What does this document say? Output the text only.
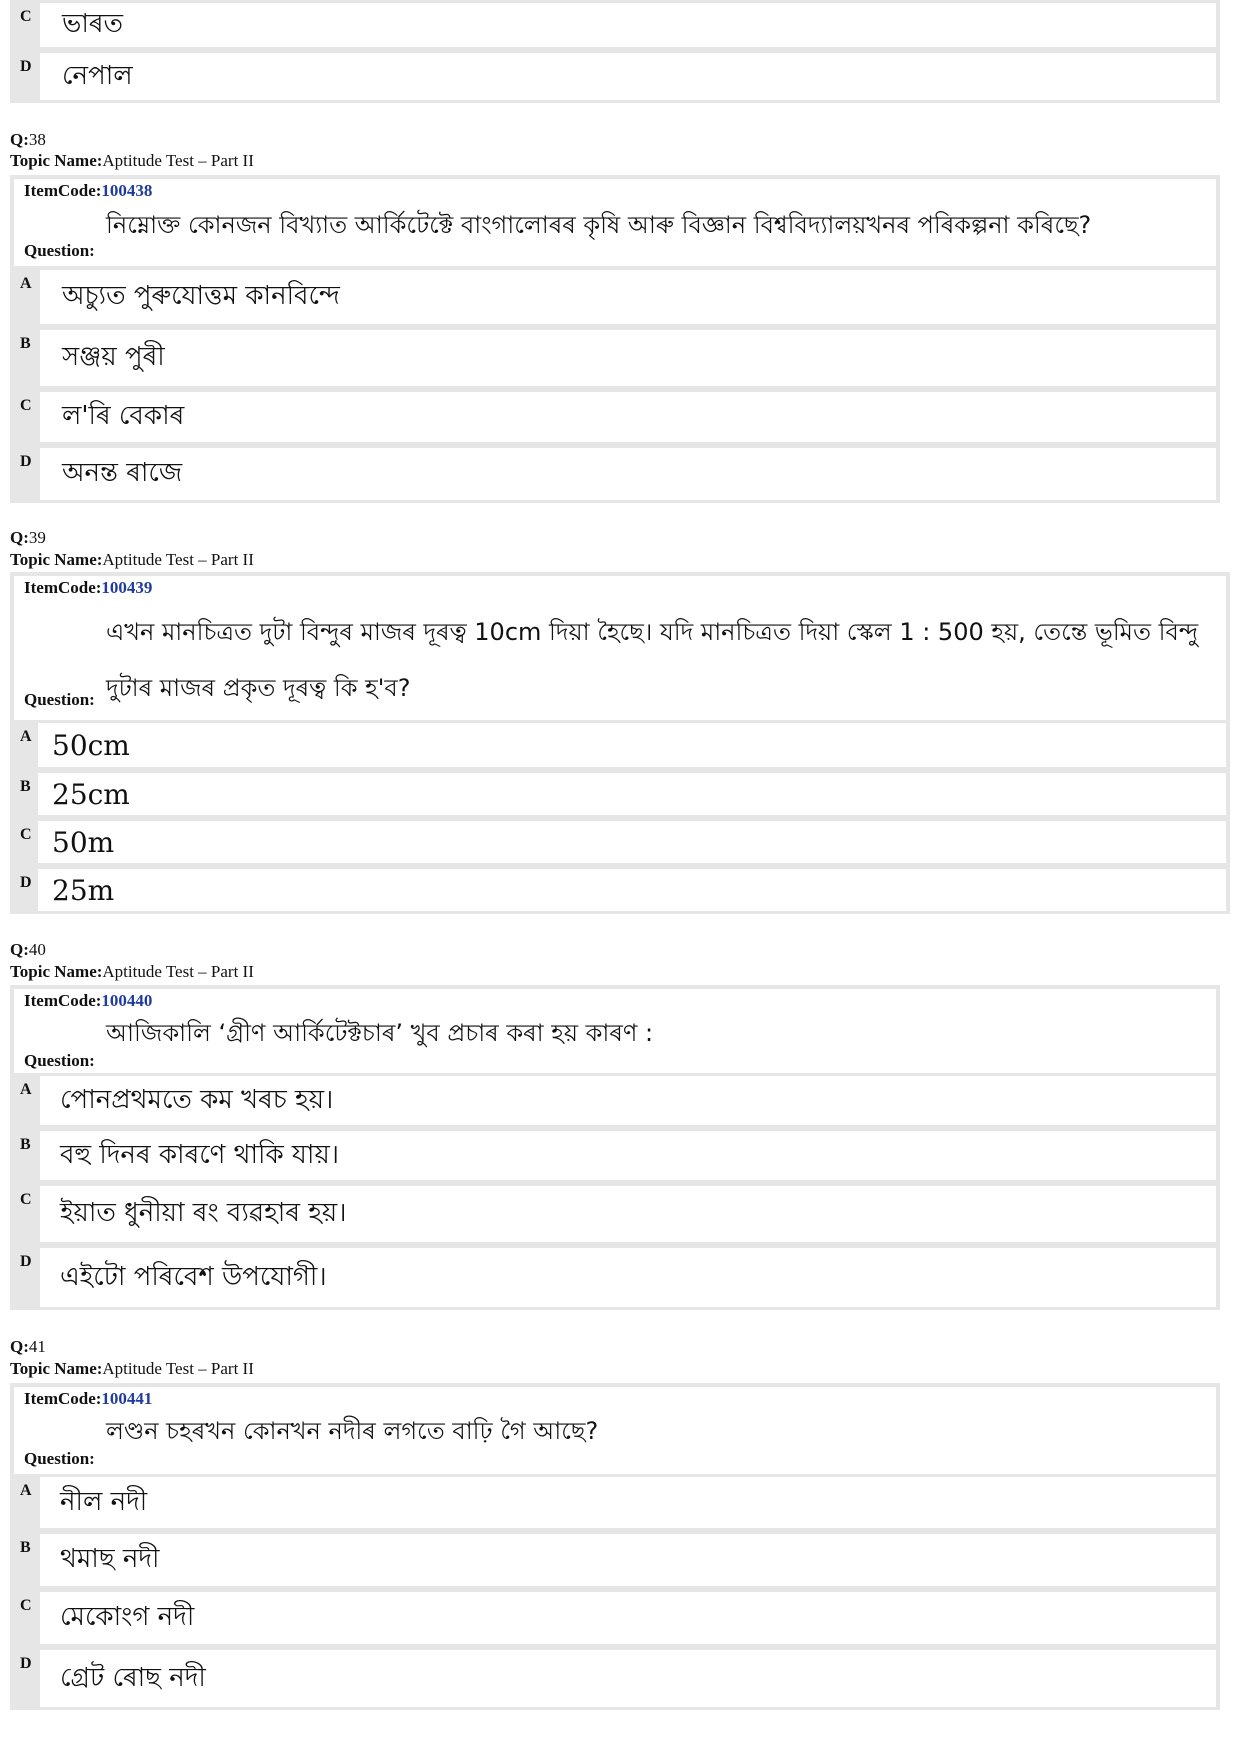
C	ভাৰত
D	নেপাল
Q:38
Topic Name:Aptitude Test – Part II
ItemCode:100438
নিম্নোক্ত কোনজন বিখ্যাত আৰ্কিটেক্টে বাংগালোৰৰ কৃষি আৰু বিজ্ঞান বিশ্ববিদ্যালয়খনৰ পৰিকল্পনা কৰিছে?
Question:
A	অচ্যুত পুৰুযোত্তম কানবিন্দে
B	সঞ্জয় পুৰী
C	ল'ৰি বেকাৰ
D	অনন্ত ৰাজে
Q:39
Topic Name:Aptitude Test – Part II
ItemCode:100439
এখন মানচিত্ৰত দুটা বিন্দুৰ মাজৰ দূৰত্ব 10cm দিয়া হৈছে। যদি মানচিত্ৰত দিয়া স্কেল 1 : 500 হয়, তেন্তে ভূমিত বিন্দু দুটাৰ মাজৰ প্ৰকৃত দূৰত্ব কি হ'ব?
Question:
A 50cm
B 25cm
C 50m
D 25m
Q:40
Topic Name:Aptitude Test – Part II
ItemCode:100440
আজিকালি ‘গ্ৰীণ আৰ্কিটেক্টচাৰ’ খুব প্ৰচাৰ কৰা হয় কাৰণ :
Question:
A	পোনপ্ৰথমতে কম খৰচ হয়।
B	বহু দিনৰ কাৰণে থাকি যায়।
C	ইয়াত ধুনীয়া ৰং ব্যৱহাৰ হয়।
D	এইটো পৰিবেশ উপযোগী।
Q:41
Topic Name:Aptitude Test – Part II
ItemCode:100441
লণ্ডন চহৰখন কোনখন নদীৰ লগতে বাঢ়ি গৈ আছে?
Question:
A	নীল নদী
B	থমাছ নদী
C	মেকোংগ নদী
D	গ্ৰেট ৰোছ নদী
